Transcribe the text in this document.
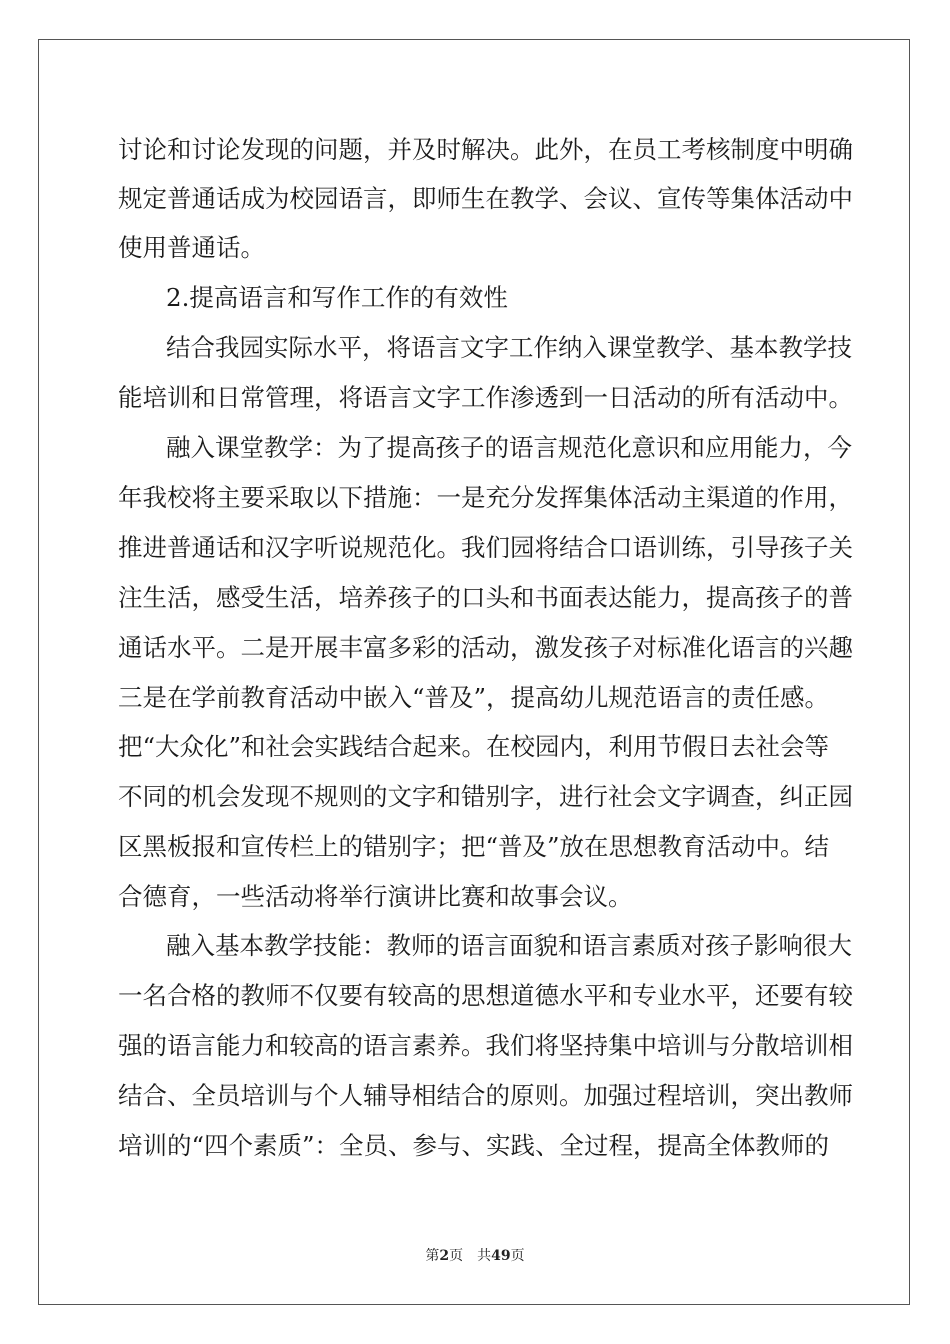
讨论和讨论发现的问题，并及时解决。此外，在员工考核制度中明确
规定普通话成为校园语言，即师生在教学、会议、宣传等集体活动中
使用普通话。
2.提高语言和写作工作的有效性
结合我园实际水平，将语言文字工作纳入课堂教学、基本教学技
能培训和日常管理，将语言文字工作渗透到一日活动的所有活动中。
融入课堂教学：为了提高孩子的语言规范化意识和应用能力，今
年我校将主要采取以下措施：一是充分发挥集体活动主渠道的作用，
推进普通话和汉字听说规范化。我们园将结合口语训练，引导孩子关
注生活，感受生活，培养孩子的口头和书面表达能力，提高孩子的普
通话水平。二是开展丰富多彩的活动，激发孩子对标准化语言的兴趣
三是在学前教育活动中嵌入“普及”，提高幼儿规范语言的责任感。
把“大众化”和社会实践结合起来。在校园内，利用节假日去社会等
不同的机会发现不规则的文字和错别字，进行社会文字调查，纠正园
区黑板报和宣传栏上的错别字；把“普及”放在思想教育活动中。结
合德育，一些活动将举行演讲比赛和故事会议。
融入基本教学技能：教师的语言面貌和语言素质对孩子影响很大
一名合格的教师不仅要有较高的思想道德水平和专业水平，还要有较
强的语言能力和较高的语言素养。我们将坚持集中培训与分散培训相
结合、全员培训与个人辅导相结合的原则。加强过程培训，突出教师
培训的“四个素质”：全员、参与、实践、全过程，提高全体教师的
第2页 共49页
